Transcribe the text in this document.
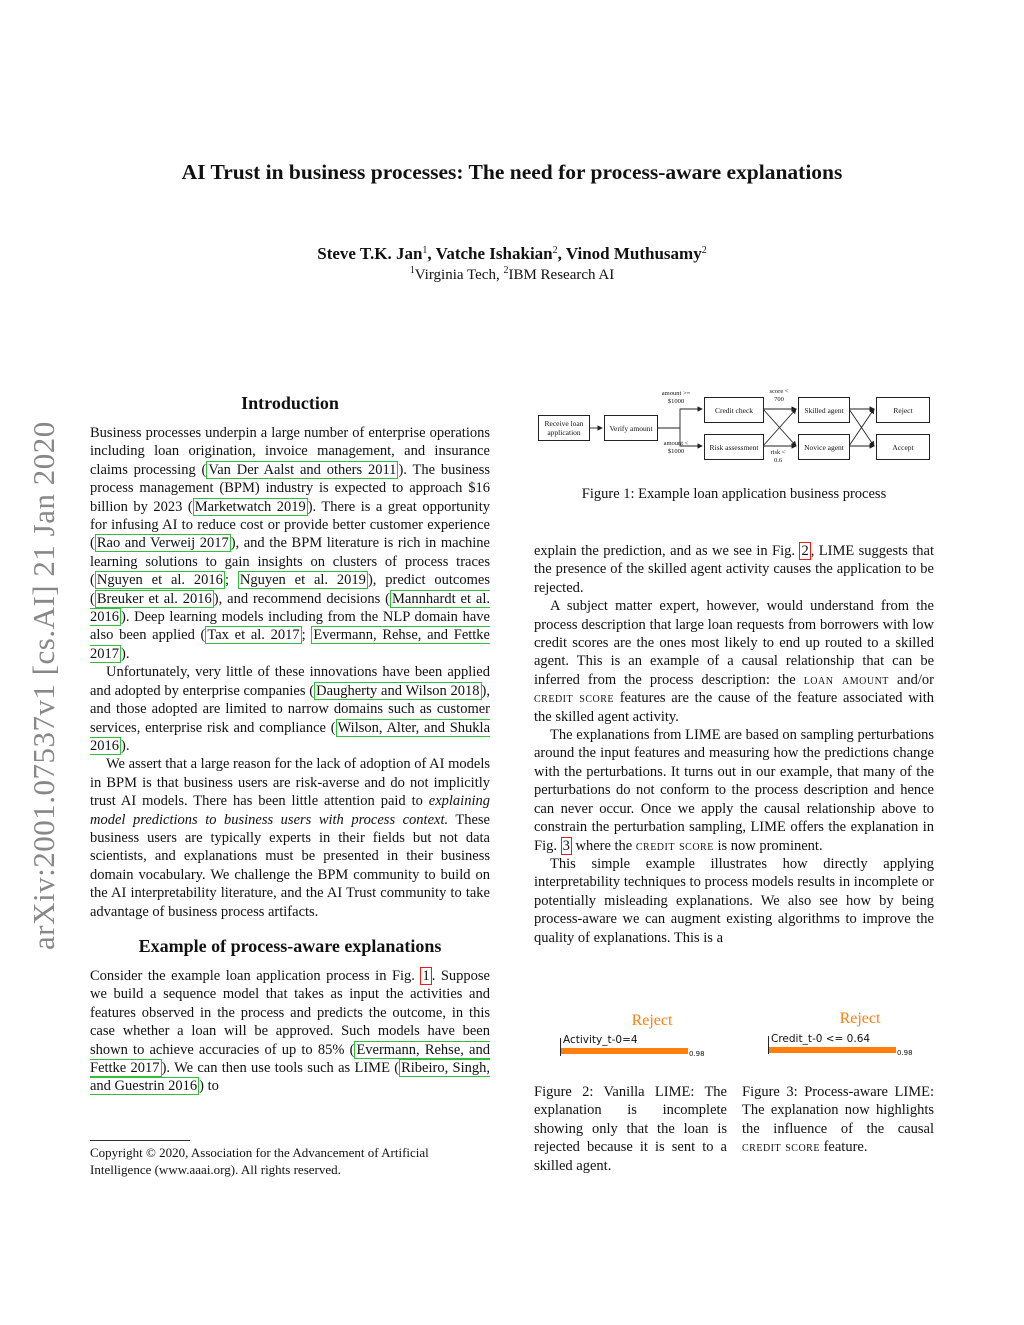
arXiv:2001.07537v1 [cs.AI] 21 Jan 2020
AI Trust in business processes: The need for process-aware explanations
Steve T.K. Jan$^1$, Vatche Ishakian$^2$, Vinod Muthusamy$^2$
$^1$Virginia Tech, $^2$IBM Research AI
Introduction

Business processes underpin a large number of enterprise operations including loan origination, invoice management, and insurance claims processing ( Van Der Aalst and others 2011 ). The business process management (BPM) industry is expected to approach $16 billion by 2023 ( Marketwatch 2019 ). There is a great opportunity for infusing AI to reduce cost or provide better customer experience ( Rao and Verweij 2017 ), and the BPM literature is rich in machine learning solutions to gain insights on clusters of process traces ( Nguyen et al. 2016 ; Nguyen et al. 2019 ), predict outcomes ( Breuker et al. 2016 ), and recommend decisions ( Mannhardt et al. 2016 ). Deep learning models including from the NLP domain have also been applied ( Tax et al. 2017 ; Evermann, Rehse, and Fettke 2017 ).

Unfortunately, very little of these innovations have been applied and adopted by enterprise companies ( Daugherty and Wilson 2018 ), and those adopted are limited to narrow domains such as customer services, enterprise risk and compliance ( Wilson, Alter, and Shukla 2016 ).

We assert that a large reason for the lack of adoption of AI models in BPM is that business users are risk-averse and do not implicitly trust AI models. There has been little attention paid to explaining model predictions to business users with process context. These business users are typically experts in their fields but not data scientists, and explanations must be presented in their business domain vocabulary. We challenge the BPM community to build on the AI interpretability literature, and the AI Trust community to take advantage of business process artifacts.

Example of process-aware explanations

Consider the example loan application process in Fig. 1 . Suppose we build a sequence model that takes as input the activities and features observed in the process and predicts the outcome, in this case whether a loan will be approved. Such models have been shown to achieve accuracies of up to 85% ( Evermann, Rehse, and Fettke 2017 ). We can then use tools such as LIME ( Ribeiro, Singh, and Guestrin 2016 ) to

Copyright © 2020, Association for the Advancement of Artificial Intelligence (www.aaai.org). All rights reserved.
Receive loan application	Verify amount
Credit check
Risk assessment
Skilled agent
Novice agent
Reject
Accept
amount >= $1000
amount < $1000
score < 700
risk < 0.6
Figure 1: Example loan application business process

explain the prediction, and as we see in Fig. 2 , LIME suggests that the presence of the skilled agent activity causes the application to be rejected.

A subject matter expert, however, would understand from the process description that large loan requests from borrowers with low credit scores are the ones most likely to end up routed to a skilled agent. This is an example of a causal relationship that can be inferred from the process description: the loan amount and/or credit score features are the cause of the feature associated with the skilled agent activity.

The explanations from LIME are based on sampling perturbations around the input features and measuring how the predictions change with the perturbations. It turns out in our example, that many of the perturbations do not conform to the process description and hence can never occur. Once we apply the causal relationship above to constrain the perturbation sampling, LIME offers the explanation in Fig. 3 where the credit score is now prominent.

This simple example illustrates how directly applying interpretability techniques to process models results in incomplete or potentially misleading explanations. We also see how by being process-aware we can augment existing algorithms to improve the quality of explanations. This is a

Reject
Activity_t-0=4
0.98
Figure 2: Vanilla LIME: The explanation is incomplete showing only that the loan is rejected because it is sent to a skilled agent.
Reject
Credit_t-0 <= 0.64
0.98
Figure 3: Process-aware LIME: The explanation now highlights the influence of the causal credit score feature.
